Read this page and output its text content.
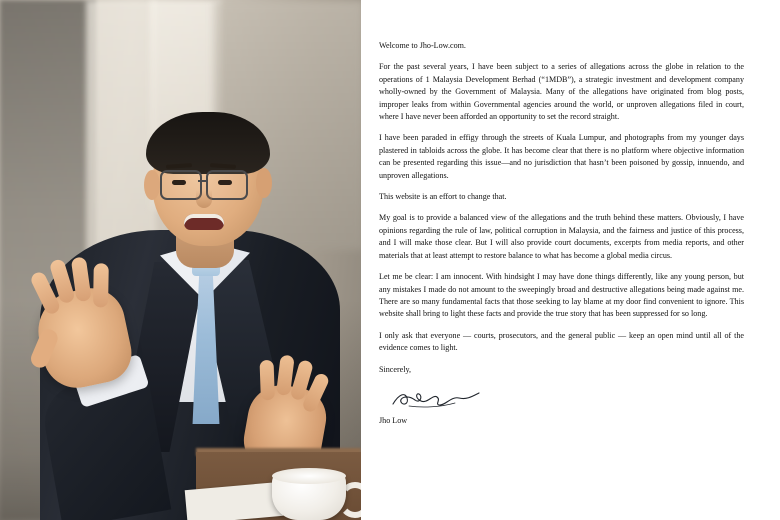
Welcome to Jho-Low.com.

For the past several years, I have been subject to a series of allegations across the globe in relation to the operations of 1 Malaysia Development Berhad (“1MDB”), a strategic investment and development company wholly-owned by the Government of Malaysia. Many of the allegations have originated from blog posts, improper leaks from within Governmental agencies around the world, or unproven allegations filed in court, where I have never been afforded an opportunity to set the record straight.

I have been paraded in effigy through the streets of Kuala Lumpur, and photographs from my younger days plastered in tabloids across the globe. It has become clear that there is no platform where objective information can be presented regarding this issue—and no jurisdiction that hasn’t been poisoned by gossip, innuendo, and unproven allegations.

This website is an effort to change that.

My goal is to provide a balanced view of the allegations and the truth behind these matters. Obviously, I have opinions regarding the rule of law, political corruption in Malaysia, and the fairness and justice of this process, and I will make those clear. But I will also provide court documents, excerpts from media reports, and other materials that at least attempt to restore balance to what has become a global media circus.

Let me be clear: I am innocent. With hindsight I may have done things differently, like any young person, but any mistakes I made do not amount to the sweepingly broad and destructive allegations being made against me. There are so many fundamental facts that those seeking to lay blame at my door find convenient to ignore. This website shall bring to light these facts and provide the true story that has been suppressed for so long.

I only ask that everyone — courts, prosecutors, and the general public — keep an open mind until all of the evidence comes to light.

Sincerely,

Jho Low
